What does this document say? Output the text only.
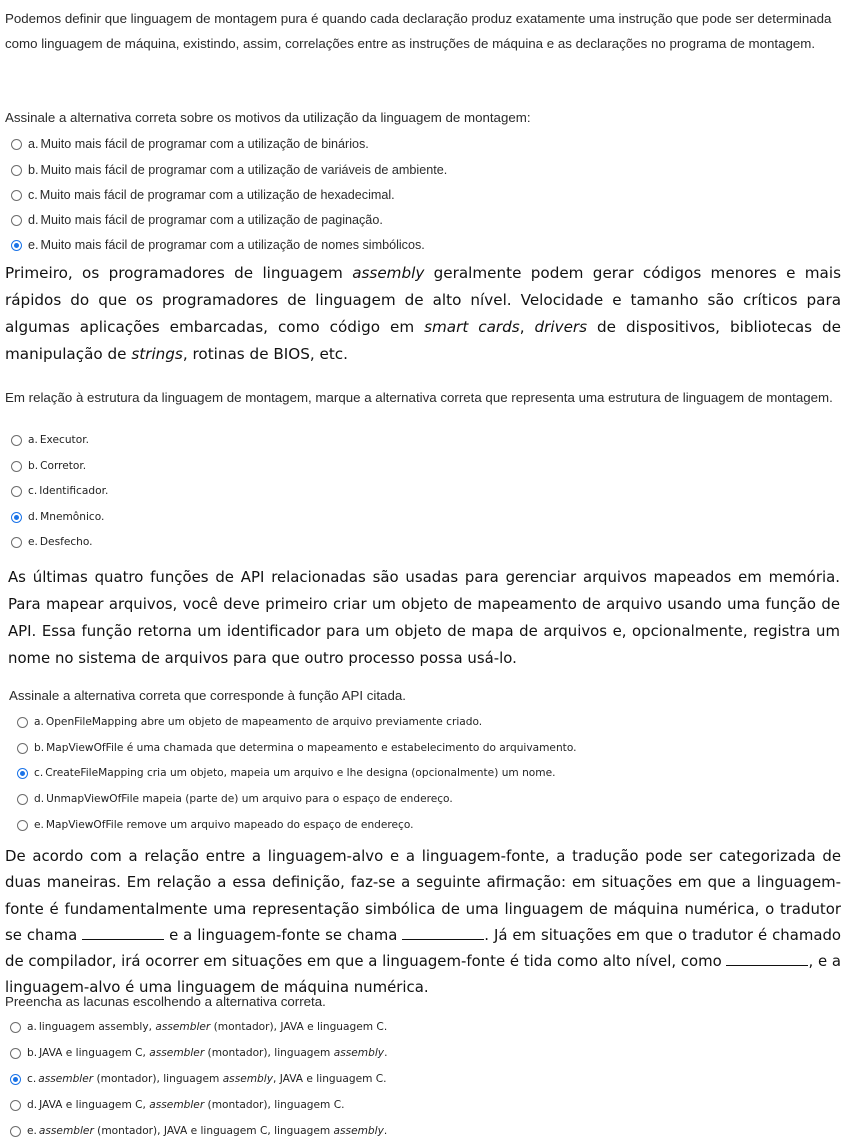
Podemos definir que linguagem de montagem pura é quando cada declaração produz exatamente uma instrução que pode ser determinada como linguagem de máquina, existindo, assim, correlações entre as instruções de máquina e as declarações no programa de montagem.
Assinale a alternativa correta sobre os motivos da utilização da linguagem de montagem:
a. Muito mais fácil de programar com a utilização de binários.
b. Muito mais fácil de programar com a utilização de variáveis de ambiente.
c. Muito mais fácil de programar com a utilização de hexadecimal.
d. Muito mais fácil de programar com a utilização de paginação.
e. Muito mais fácil de programar com a utilização de nomes simbólicos.
Primeiro, os programadores de linguagem assembly geralmente podem gerar códigos menores e mais rápidos do que os programadores de linguagem de alto nível. Velocidade e tamanho são críticos para algumas aplicações embarcadas, como código em smart cards, drivers de dispositivos, bibliotecas de manipulação de strings, rotinas de BIOS, etc.
Em relação à estrutura da linguagem de montagem, marque a alternativa correta que representa uma estrutura de linguagem de montagem.
a. Executor.
b. Corretor.
c. Identificador.
d. Mnemônico.
e. Desfecho.
As últimas quatro funções de API relacionadas são usadas para gerenciar arquivos mapeados em memória. Para mapear arquivos, você deve primeiro criar um objeto de mapeamento de arquivo usando uma função de API. Essa função retorna um identificador para um objeto de mapa de arquivos e, opcionalmente, registra um nome no sistema de arquivos para que outro processo possa usá-lo.
Assinale a alternativa correta que corresponde à função API citada.
a. OpenFileMapping abre um objeto de mapeamento de arquivo previamente criado.
b. MapViewOfFile é uma chamada que determina o mapeamento e estabelecimento do arquivamento.
c. CreateFileMapping cria um objeto, mapeia um arquivo e lhe designa (opcionalmente) um nome.
d. UnmapViewOfFile mapeia (parte de) um arquivo para o espaço de endereço.
e. MapViewOfFile remove um arquivo mapeado do espaço de endereço.
De acordo com a relação entre a linguagem-alvo e a linguagem-fonte, a tradução pode ser categorizada de duas maneiras. Em relação a essa definição, faz-se a seguinte afirmação: em situações em que a linguagem-fonte é fundamentalmente uma representação simbólica de uma linguagem de máquina numérica, o tradutor se chama	e a linguagem-fonte se chama	. Já em situações em que o tradutor é chamado de compilador, irá ocorrer em situações em que a linguagem-fonte é tida como alto nível, como	, e a linguagem-alvo é uma linguagem de máquina numérica.
Preencha as lacunas escolhendo a alternativa correta.
a. linguagem assembly, assembler (montador), JAVA e linguagem C.
b. JAVA e linguagem C, assembler (montador), linguagem assembly.
c. assembler (montador), linguagem assembly, JAVA e linguagem C.
d. JAVA e linguagem C, assembler (montador), linguagem C.
e. assembler (montador), JAVA e linguagem C, linguagem assembly.
